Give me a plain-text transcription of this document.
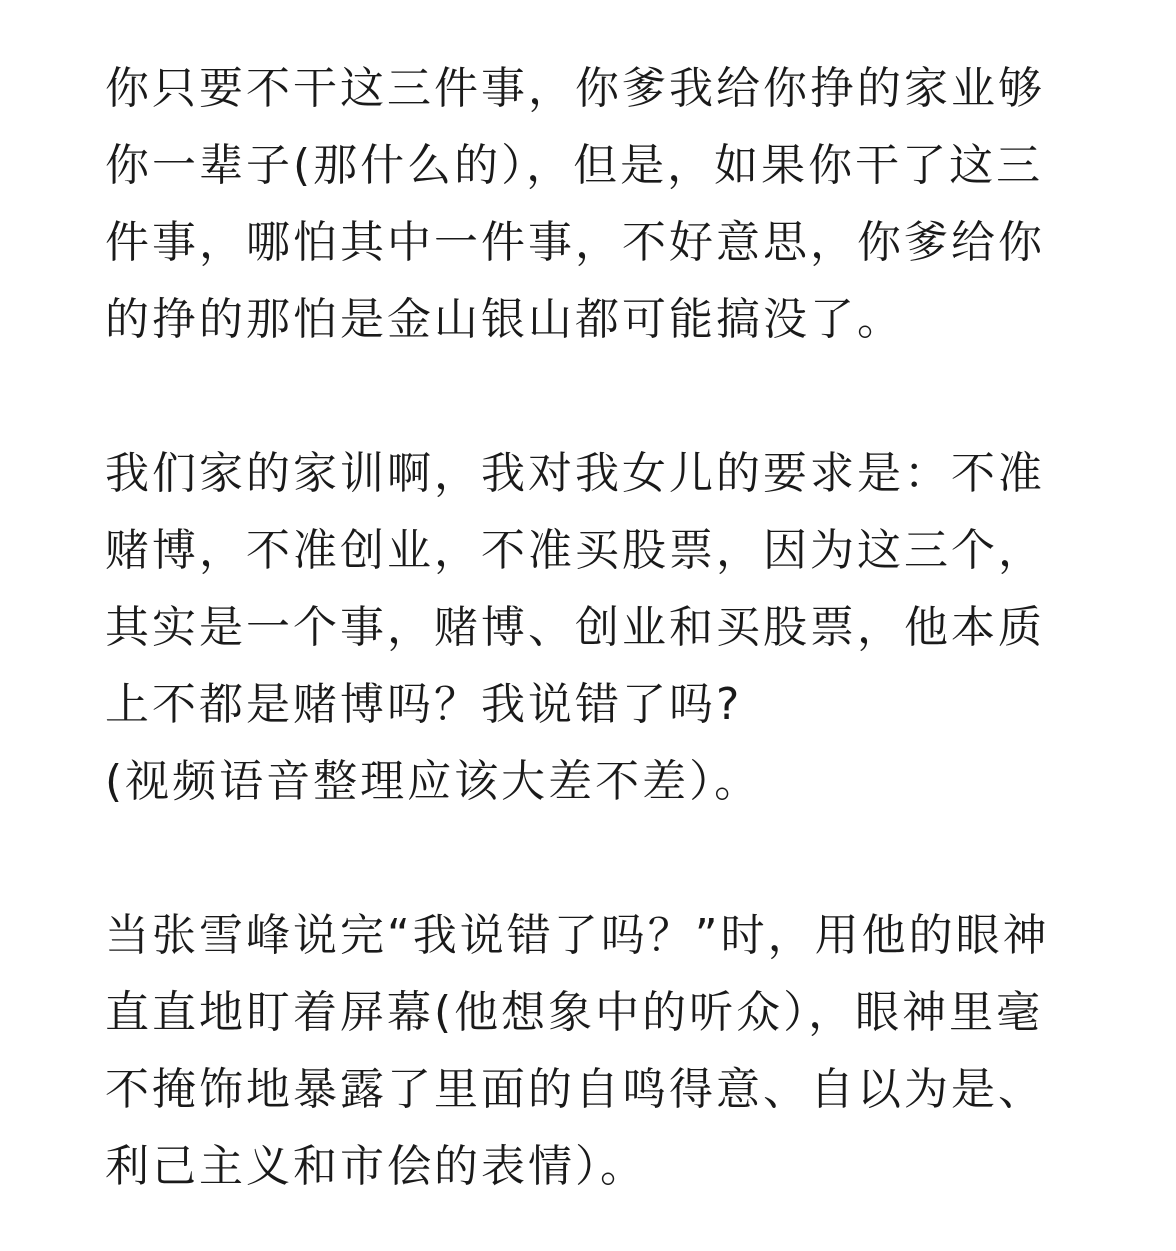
你只要不干这三件事，你爹我给你挣的家业够
你一辈子(那什么的），但是，如果你干了这三
件事，哪怕其中一件事，不好意思，你爹给你
的挣的那怕是金山银山都可能搞没了。
我们家的家训啊，我对我女儿的要求是：不准
赌博，不准创业，不准买股票，因为这三个，
其实是一个事，赌博、创业和买股票，他本质
上不都是赌博吗？我说错了吗?
(视频语音整理应该大差不差）。
当张雪峰说完“我说错了吗？”时，用他的眼神
直直地盯着屏幕(他想象中的听众），眼神里毫
不掩饰地暴露了里面的自鸣得意、自以为是、
利己主义和市侩的表情）。
